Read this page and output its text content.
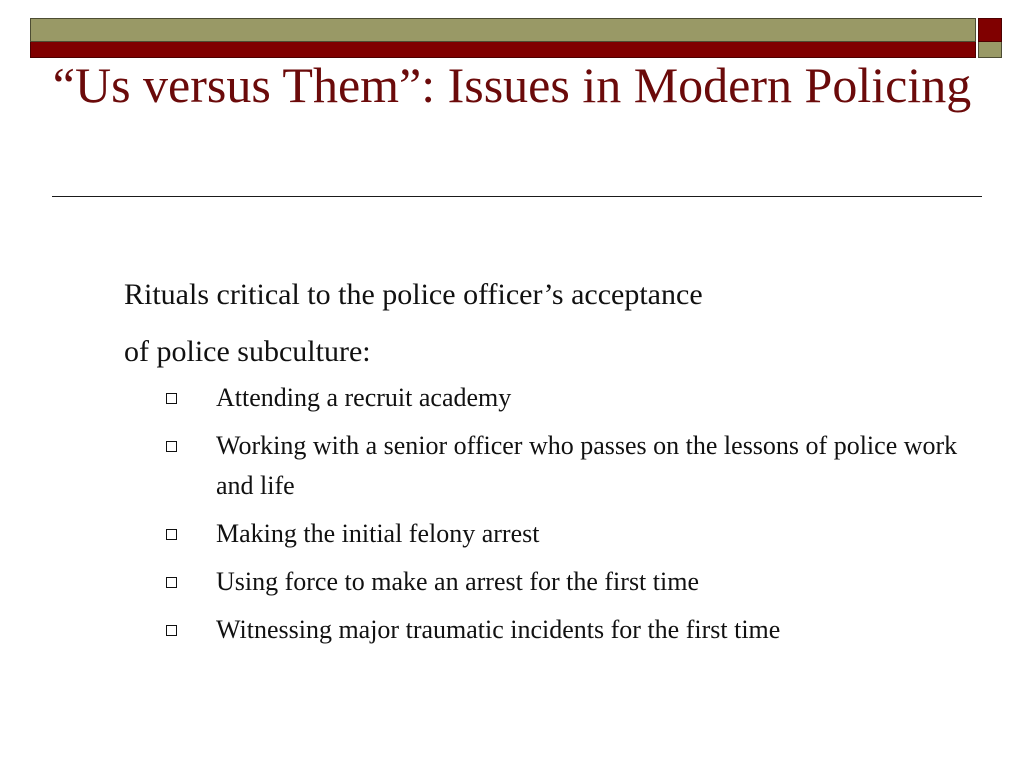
“Us versus Them”: Issues in Modern Policing

Rituals critical to the police officer’s acceptance

of police subculture:

Attending a recruit academy
Working with a senior officer who passes on the lessons of police work and life
Making the initial felony arrest
Using force to make an arrest for the first time
Witnessing major traumatic incidents for the first time
